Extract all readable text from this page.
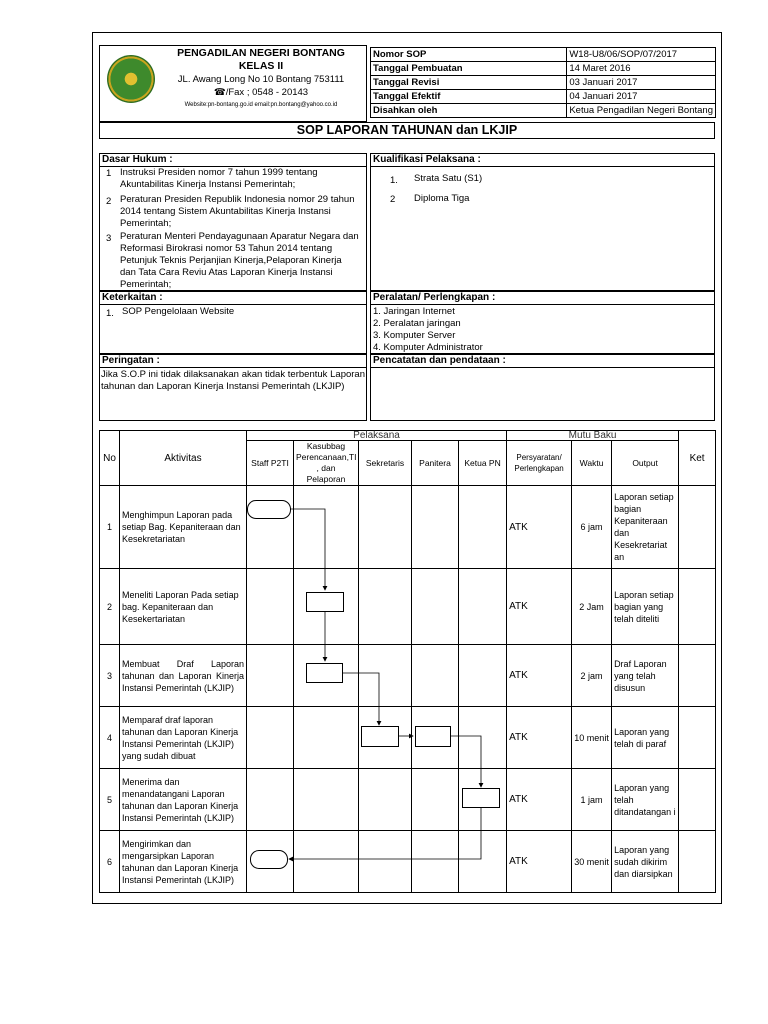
PENGADILAN NEGERI BONTANG
KELAS II
JL. Awang Long No 10 Bontang 753111
☎/Fax ; 0548 - 20143
Website:pn-bontang.go.id email:pn.bontang@yahoo.co.id
Nomor SOP	W18-U8/06/SOP/07/2017
Tanggal Pembuatan	14 Maret 2016
Tanggal Revisi	03 Januari 2017
Tanggal Efektif	04 Januari 2017
Disahkan oleh	Ketua Pengadilan Negeri Bontang
SOP LAPORAN TAHUNAN dan LKJIP
Dasar Hukum :
1 Instruksi Presiden nomor 7 tahun 1999 tentang Akuntabilitas Kinerja Instansi Pemerintah;
2 Peraturan Presiden Republik Indonesia nomor 29 tahun 2014 tentang Sistem Akuntabilitas Kinerja Instansi Pemerintah;
3 Peraturan Menteri Pendayagunaan Aparatur Negara dan Reformasi Birokrasi nomor 53 Tahun 2014 tentang Petunjuk Teknis Perjanjian Kinerja,Pelaporan Kinerja dan Tata Cara Reviu Atas Laporan Kinerja Instansi Pemerintah;
Kualifikasi Pelaksana :
1. Strata Satu (S1)
2 Diploma Tiga
Keterkaitan :
1. SOP Pengelolaan Website
Peralatan/ Perlengkapan :
1. Jaringan Internet
2. Peralatan jaringan
3. Komputer Server
4. Komputer Administrator
Peringatan :
Jika S.O.P ini tidak dilaksanakan akan tidak terbentuk Laporan tahunan dan Laporan Kinerja Instansi Pemerintah (LKJIP)
Pencatatan dan pendataan :
No	Aktivitas	Pelaksana					Mutu Baku			Ket
		Staff P2TI	Kasubbag Perencanaan,TI , dan Pelaporan	Sekretaris	Panitera	Ketua PN	Persyaratan/ Perlengkapan	Waktu	Output	
1	Menghimpun Laporan pada setiap Bag. Kepaniteraan dan Kesekretariatan						ATK	6 jam	Laporan setiap bagian Kepaniteraan dan Kesekretariat an	
2	Meneliti Laporan Pada setiap bag. Kepaniteraan dan Kesekertariatan						ATK	2 Jam	Laporan setiap bagian yang telah diteliti	
3	Membuat Draf Laporan tahunan dan Laporan Kinerja Instansi Pemerintah (LKJIP)						ATK	2 jam	Draf Laporan yang telah disusun	
4	Memparaf draf laporan tahunan dan Laporan Kinerja Instansi Pemerintah (LKJIP) yang sudah dibuat						ATK	10 menit	Laporan yang telah di paraf	
5	Menerima dan menandatangani Laporan tahunan dan Laporan Kinerja Instansi Pemerintah (LKJIP)						ATK	1 jam	Laporan yang telah ditandatangan i	
6	Mengirimkan dan mengarsipkan Laporan tahunan dan Laporan Kinerja Instansi Pemerintah (LKJIP)						ATK	30 menit	Laporan yang sudah dikirim dan diarsipkan	
